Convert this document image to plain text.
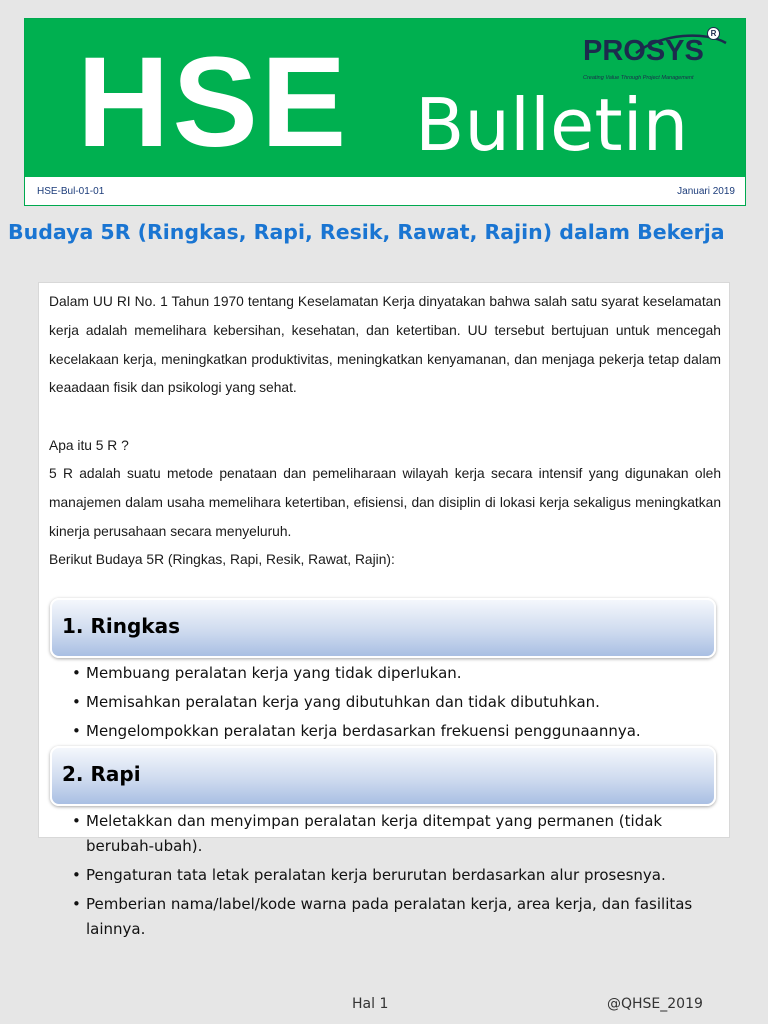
HSE Bulletin
PROSYS
R
Creating Value Through Project Management
HSE-Bul-01-01	Januari 2019
Budaya 5R (Ringkas, Rapi, Resik, Rawat, Rajin) dalam Bekerja

Dalam UU RI No. 1 Tahun 1970 tentang Keselamatan Kerja dinyatakan bahwa salah satu syarat keselamatan kerja adalah memelihara kebersihan, kesehatan, dan ketertiban. UU tersebut bertujuan untuk mencegah kecelakaan kerja, meningkatkan produktivitas, meningkatkan kenyamanan, dan menjaga pekerja tetap dalam keaadaan fisik dan psikologi yang sehat.

Apa itu 5 R ?

5 R adalah suatu metode penataan dan pemeliharaan wilayah kerja secara intensif yang digunakan oleh manajemen dalam usaha memelihara ketertiban, efisiensi, dan disiplin di lokasi kerja sekaligus meningkatkan kinerja perusahaan secara menyeluruh.

Berikut Budaya 5R (Ringkas, Rapi, Resik, Rawat, Rajin):

1. Ringkas
• Membuang peralatan kerja yang tidak diperlukan.
• Memisahkan peralatan kerja yang dibutuhkan dan tidak dibutuhkan.
• Mengelompokkan peralatan kerja berdasarkan frekuensi penggunaannya.
2. Rapi
• Meletakkan dan menyimpan peralatan kerja ditempat yang permanen (tidak berubah-ubah).
• Pengaturan tata letak peralatan kerja berurutan berdasarkan alur prosesnya.
• Pemberian nama/label/kode warna pada peralatan kerja, area kerja, dan fasilitas lainnya.
Hal 1	@QHSE_2019
